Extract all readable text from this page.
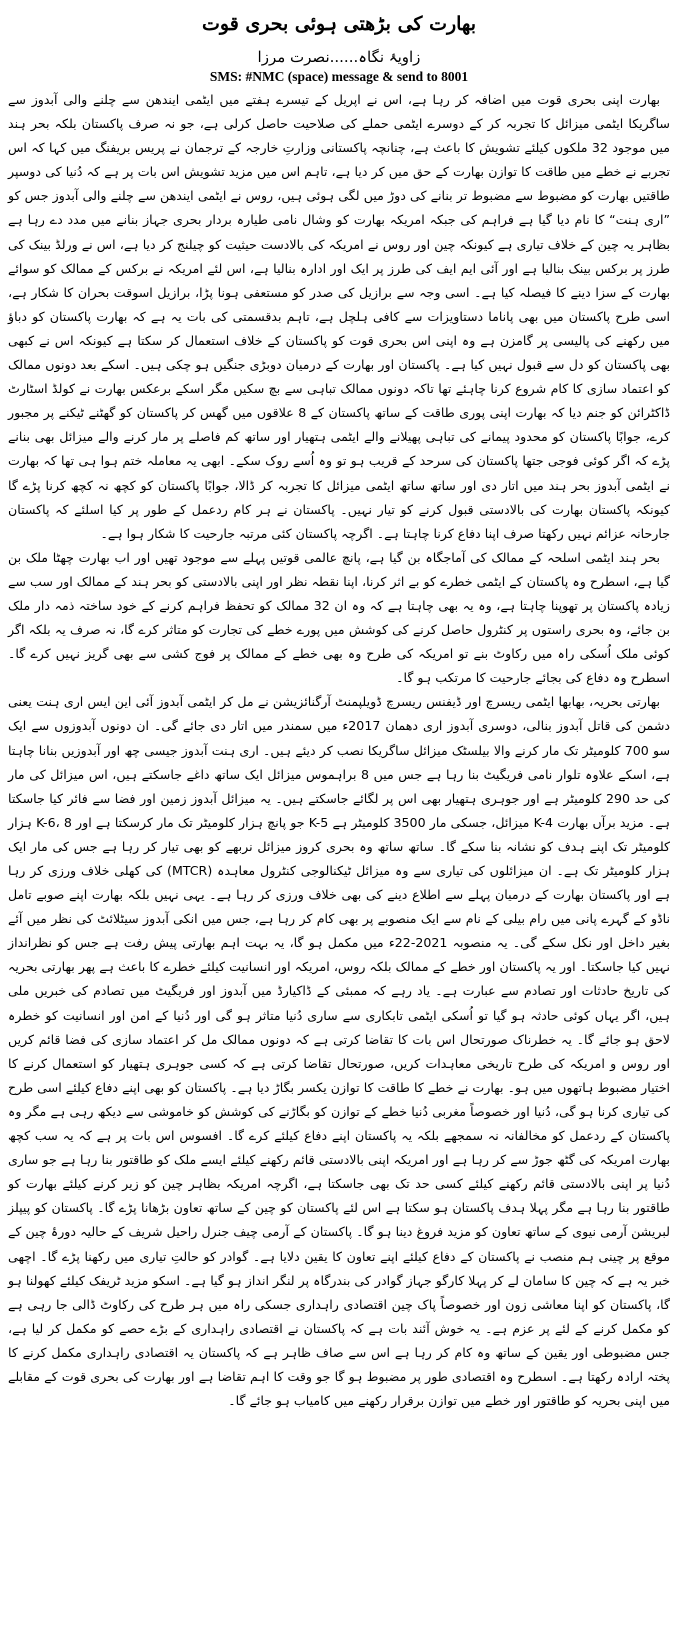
بھارت کی بڑھتی ہوئی بحری قوت
زاویۂ نگاہ......نصرت مرزا
SMS: #NMC (space) message & send to 8001

بھارت اپنی بحری قوت میں اضافہ کر رہا ہے، اس نے اپریل کے تیسرے ہفتے میں ایٹمی ایندھن سے چلنے والی آبدوز سے ساگریکا ایٹمی میزائل کا تجربہ کر کے دوسرے ایٹمی حملے کی صلاحیت حاصل کرلی ہے، جو نہ صرف پاکستان بلکہ بحر ہند میں موجود 32 ملکوں کیلئے تشویش کا باعث ہے، چنانچہ پاکستانی وزارتِ خارجہ کے ترجمان نے پریس بریفنگ میں کہا کہ اس تجربے نے خطے میں طاقت کا توازن بھارت کے حق میں کر دیا ہے، تاہم اس میں مزید تشویش اس بات پر ہے کہ دُنیا کی دوسپر طاقتیں بھارت کو مضبوط سے مضبوط تر بنانے کی دوڑ میں لگی ہوئی ہیں، روس نے ایٹمی ایندھن سے چلنے والی آبدوز جس کو ”اری ہنت“ کا نام دیا گیا ہے فراہم کی جبکہ امریکہ بھارت کو وشال نامی طیارہ بردار بحری جہاز بنانے میں مدد دے رہا ہے بظاہر یہ چین کے خلاف تیاری ہے کیونکہ چین اور روس نے امریکہ کی بالادست حیثیت کو چیلنج کر دیا ہے، اس نے ورلڈ بینک کی طرز پر برکس بینک بنالیا ہے اور آئی ایم ایف کی طرز پر ایک اور ادارہ بنالیا ہے، اس لئے امریکہ نے برکس کے ممالک کو سوائے بھارت کے سزا دینے کا فیصلہ کیا ہے۔ اسی وجہ سے برازیل کی صدر کو مستعفی ہونا پڑا، برازیل اسوقت بحران کا شکار ہے، اسی طرح پاکستان میں بھی پاناما دستاویزات سے کافی ہلچل ہے، تاہم بدقسمتی کی بات یہ ہے کہ بھارت پاکستان کو دباؤ میں رکھنے کی پالیسی پر گامزن ہے وہ اپنی اس بحری قوت کو پاکستان کے خلاف استعمال کر سکتا ہے کیونکہ اس نے کبھی بھی پاکستان کو دل سے قبول نہیں کیا ہے۔ پاکستان اور بھارت کے درمیان دوبڑی جنگیں ہو چکی ہیں۔ اسکے بعد دونوں ممالک کو اعتماد سازی کا کام شروع کرنا چاہئے تھا تاکہ دونوں ممالک تباہی سے بچ سکیں مگر اسکے برعکس بھارت نے کولڈ اسٹارٹ ڈاکٹرائن کو جنم دیا کہ بھارت اپنی پوری طاقت کے ساتھ پاکستان کے 8 علاقوں میں گھس کر پاکستان کو گھٹنے ٹیکنے پر مجبور کرے، جوابًا پاکستان کو محدود پیمانے کی تباہی پھیلانے والے ایٹمی ہتھیار اور ساتھ کم فاصلے پر مار کرنے والے میزائل بھی بنانے پڑے کہ اگر کوئی فوجی جتھا پاکستان کی سرحد کے قریب ہو تو وہ اُسے روک سکے۔ ابھی یہ معاملہ ختم ہوا ہی تھا کہ بھارت نے ایٹمی آبدوز بحر ہند میں اتار دی اور ساتھ ساتھ ایٹمی میزائل کا تجربہ کر ڈالا، جوابًا پاکستان کو کچھ نہ کچھ کرنا پڑے گا کیونکہ پاکستان بھارت کی بالادستی قبول کرنے کو تیار نہیں۔ پاکستان نے ہر کام ردعمل کے طور پر کیا اسلئے کہ پاکستان جارحانہ عزائم نہیں رکھتا صرف اپنا دفاع کرنا چاہتا ہے۔ اگرچہ پاکستان کئی مرتبہ جارحیت کا شکار ہوا ہے۔

بحر ہند ایٹمی اسلحہ کے ممالک کی آماجگاہ بن گیا ہے، پانچ عالمی قوتیں پہلے سے موجود تھیں اور اب بھارت چھٹا ملک بن گیا ہے، اسطرح وہ پاکستان کے ایٹمی خطرے کو بے اثر کرنا، اپنا نقطہ نظر اور اپنی بالادستی کو بحر ہند کے ممالک اور سب سے زیادہ پاکستان پر تھوپنا چاہتا ہے، وہ یہ بھی چاہتا ہے کہ وہ ان 32 ممالک کو تحفظ فراہم کرنے کے خود ساختہ ذمہ دار ملک بن جائے، وہ بحری راستوں پر کنٹرول حاصل کرنے کی کوشش میں پورے خطے کی تجارت کو متاثر کرے گا، نہ صرف یہ بلکہ اگر کوئی ملک اُسکی راہ میں رکاوٹ بنے تو امریکہ کی طرح وہ بھی خطے کے ممالک پر فوج کشی سے بھی گریز نہیں کرے گا۔ اسطرح وہ دفاع کی بجائے جارحیت کا مرتکب ہو گا۔

بھارتی بحریہ، بھابھا ایٹمی ریسرچ اور ڈیفنس ریسرچ ڈویلپمنٹ آرگنائزیشن نے مل کر ایٹمی آبدوز آئی این ایس اری ہنت یعنی دشمن کی قاتل آبدوز بنالی، دوسری آبدوز اری دھمان 2017ء میں سمندر میں اتار دی جائے گی۔ ان دونوں آبدوزوں سے ایک سو 700 کلومیٹر تک مار کرنے والا بیلسٹک میزائل ساگریکا نصب کر دیئے ہیں۔ اری ہنت آبدوز جیسی چھ اور آبدوزیں بنانا چاہتا ہے، اسکے علاوہ تلوار نامی فریگیٹ بنا رہا ہے جس میں 8 براہموس میزائل ایک ساتھ داغے جاسکتے ہیں، اس میزائل کی مار کی حد 290 کلومیٹر ہے اور جوہری ہتھیار بھی اس پر لگائے جاسکتے ہیں۔ یہ میزائل آبدوز زمین اور فضا سے فائر کیا جاسکتا ہے۔ مزید برآں بھارت K-4 میزائل، جسکی مار 3500 کلومیٹر ہے K-5 جو پانچ ہزار کلومیٹر تک مار کرسکتا ہے اور K-6، 8 ہزار کلومیٹر تک اپنے ہدف کو نشانہ بنا سکے گا۔ ساتھ ساتھ وہ بحری کروز میزائل نربھے کو بھی تیار کر رہا ہے جس کی مار ایک ہزار کلومیٹر تک ہے۔ ان میزائلوں کی تیاری سے وہ میزائل ٹیکنالوجی کنٹرول معاہدہ (MTCR) کی کھلی خلاف ورزی کر رہا ہے اور پاکستان بھارت کے درمیان پہلے سے اطلاع دینے کی بھی خلاف ورزی کر رہا ہے۔ یہی نہیں بلکہ بھارت اپنے صوبے تامل ناڈو کے گہرے پانی میں رام بیلی کے نام سے ایک منصوبے پر بھی کام کر رہا ہے، جس میں انکی آبدوز سیٹلائٹ کی نظر میں آئے بغیر داخل اور نکل سکے گی۔ یہ منصوبہ 2021-22ء میں مکمل ہو گا، یہ بہت اہم بھارتی پیش رفت ہے جس کو نظرانداز نہیں کیا جاسکتا۔ اور یہ پاکستان اور خطے کے ممالک بلکہ روس، امریکہ اور انسانیت کیلئے خطرے کا باعث ہے پھر بھارتی بحریہ کی تاریخ حادثات اور تصادم سے عبارت ہے۔ یاد رہے کہ ممبئی کے ڈاکیارڈ میں آبدوز اور فریگیٹ میں تصادم کی خبریں ملی ہیں، اگر یہاں کوئی حادثہ ہو گیا تو اُسکی ایٹمی تابکاری سے ساری دُنیا متاثر ہو گی اور دُنیا کے امن اور انسانیت کو خطرہ لاحق ہو جائے گا۔ یہ خطرناک صورتحال اس بات کا تقاضا کرتی ہے کہ دونوں ممالک مل کر اعتماد سازی کی فضا قائم کریں اور روس و امریکہ کی طرح تاریخی معاہدات کریں، صورتحال تقاضا کرتی ہے کہ کسی جوہری ہتھیار کو استعمال کرنے کا اختیار مضبوط ہاتھوں میں ہو۔ بھارت نے خطے کا طاقت کا توازن یکسر بگاڑ دیا ہے۔ پاکستان کو بھی اپنے دفاع کیلئے اسی طرح کی تیاری کرنا ہو گی، دُنیا اور خصوصاً مغربی دُنیا خطے کے توازن کو بگاڑنے کی کوشش کو خاموشی سے دیکھ رہی ہے مگر وہ پاکستان کے ردعمل کو مخالفانہ نہ سمجھے بلکہ یہ پاکستان اپنے دفاع کیلئے کرے گا۔ افسوس اس بات پر ہے کہ یہ سب کچھ بھارت امریکہ کی گٹھ جوڑ سے کر رہا ہے اور امریکہ اپنی بالادستی قائم رکھنے کیلئے ایسے ملک کو طاقتور بنا رہا ہے جو ساری دُنیا پر اپنی بالادستی قائم رکھنے کیلئے کسی حد تک بھی جاسکتا ہے، اگرچہ امریکہ بظاہر چین کو زیر کرنے کیلئے بھارت کو طاقتور بنا رہا ہے مگر پہلا ہدف پاکستان ہو سکتا ہے اس لئے پاکستان کو چین کے ساتھ تعاون بڑھانا پڑے گا۔ پاکستان کو پیپلز لبریشن آرمی نیوی کے ساتھ تعاون کو مزید فروغ دینا ہو گا۔ پاکستان کے آرمی چیف جنرل راحیل شریف کے حالیہ دورۂ چین کے موقع پر چینی ہم منصب نے پاکستان کے دفاع کیلئے اپنے تعاون کا یقین دلایا ہے۔ گوادر کو حالتِ تیاری میں رکھنا پڑے گا۔ اچھی خبر یہ ہے کہ چین کا سامان لے کر پہلا کارگو جہاز گوادر کی بندرگاہ پر لنگر انداز ہو گیا ہے۔ اسکو مزید ٹریفک کیلئے کھولنا ہو گا، پاکستان کو اپنا معاشی زون اور خصوصاً پاک چین اقتصادی راہداری جسکی راہ میں ہر طرح کی رکاوٹ ڈالی جا رہی ہے کو مکمل کرنے کے لئے پر عزم ہے۔ یہ خوش آئند بات ہے کہ پاکستان نے اقتصادی راہداری کے بڑے حصے کو مکمل کر لیا ہے، جس مضبوطی اور یقین کے ساتھ وہ کام کر رہا ہے اس سے صاف ظاہر ہے کہ پاکستان یہ اقتصادی راہداری مکمل کرنے کا پختہ ارادہ رکھتا ہے۔ اسطرح وہ اقتصادی طور پر مضبوط ہو گا جو وقت کا اہم تقاضا ہے اور بھارت کی بحری قوت کے مقابلے میں اپنی بحریہ کو طاقتور اور خطے میں توازن برقرار رکھنے میں کامیاب ہو جائے گا۔
